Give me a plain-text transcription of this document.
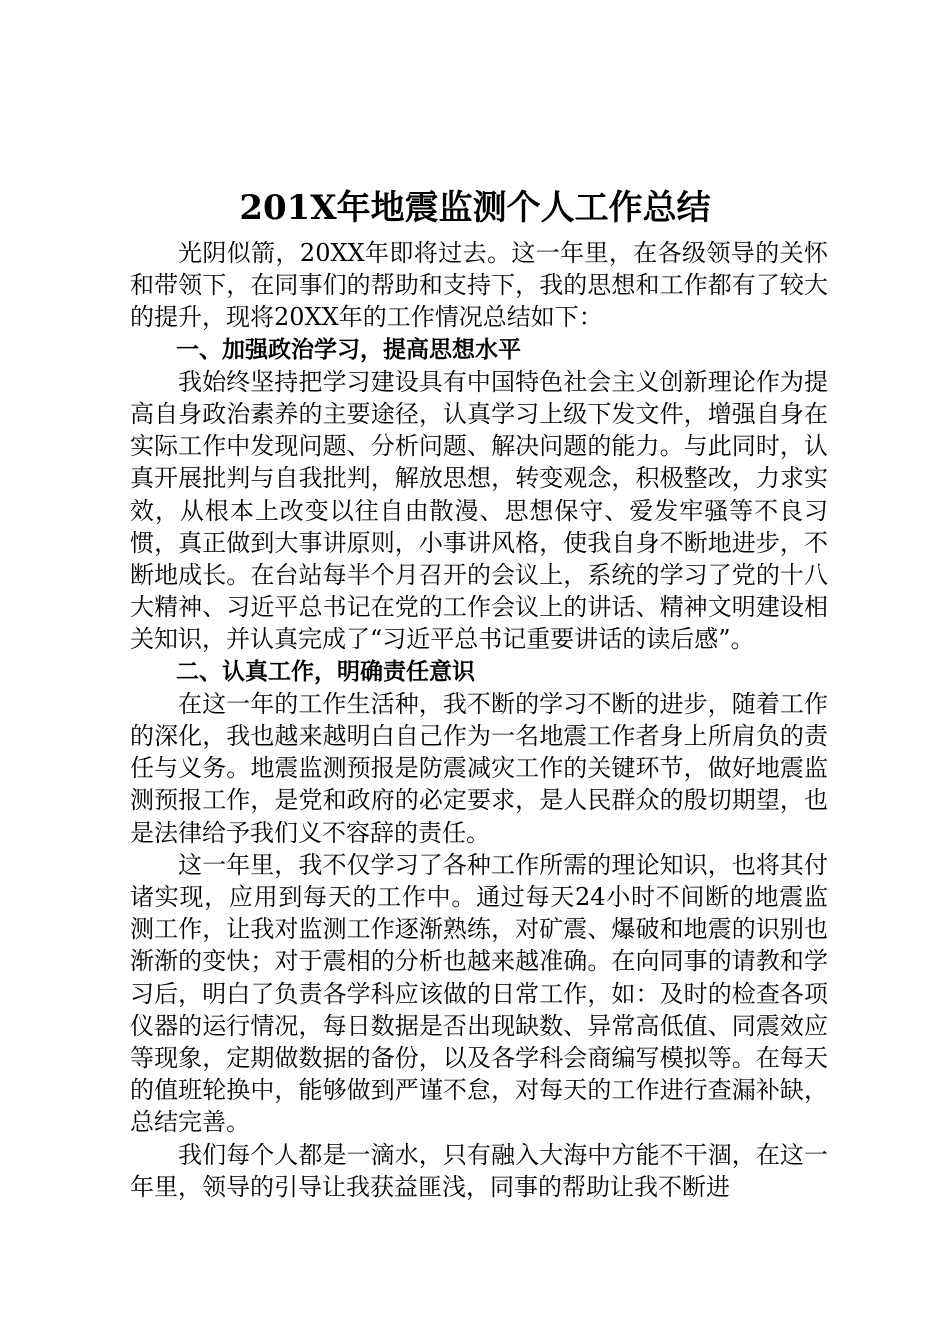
201X年地震监测个人工作总结

光阴似箭，20XX年即将过去。这一年里，在各级领导的关怀和带领下，在同事们的帮助和支持下，我的思想和工作都有了较大的提升，现将20XX年的工作情况总结如下：

一、加强政治学习，提高思想水平

我始终坚持把学习建设具有中国特色社会主义创新理论作为提高自身政治素养的主要途径，认真学习上级下发文件，增强自身在实际工作中发现问题、分析问题、解决问题的能力。与此同时，认真开展批判与自我批判，解放思想，转变观念，积极整改，力求实效，从根本上改变以往自由散漫、思想保守、爱发牢骚等不良习惯，真正做到大事讲原则，小事讲风格，使我自身不断地进步，不断地成长。在台站每半个月召开的会议上，系统的学习了党的十八大精神、习近平总书记在党的工作会议上的讲话、精神文明建设相关知识，并认真完成了“习近平总书记重要讲话的读后感”。

二、认真工作，明确责任意识

在这一年的工作生活种，我不断的学习不断的进步，随着工作的深化，我也越来越明白自己作为一名地震工作者身上所肩负的责任与义务。地震监测预报是防震减灾工作的关键环节，做好地震监测预报工作，是党和政府的必定要求，是人民群众的殷切期望，也是法律给予我们义不容辞的责任。

这一年里，我不仅学习了各种工作所需的理论知识，也将其付诸实现，应用到每天的工作中。通过每天24小时不间断的地震监测工作，让我对监测工作逐渐熟练，对矿震、爆破和地震的识别也渐渐的变快；对于震相的分析也越来越准确。在向同事的请教和学习后，明白了负责各学科应该做的日常工作，如：及时的检查各项仪器的运行情况，每日数据是否出现缺数、异常高低值、同震效应等现象，定期做数据的备份，以及各学科会商编写模拟等。在每天的值班轮换中，能够做到严谨不怠，对每天的工作进行查漏补缺，总结完善。

我们每个人都是一滴水，只有融入大海中方能不干涸，在这一年里，领导的引导让我获益匪浅，同事的帮助让我不断进
